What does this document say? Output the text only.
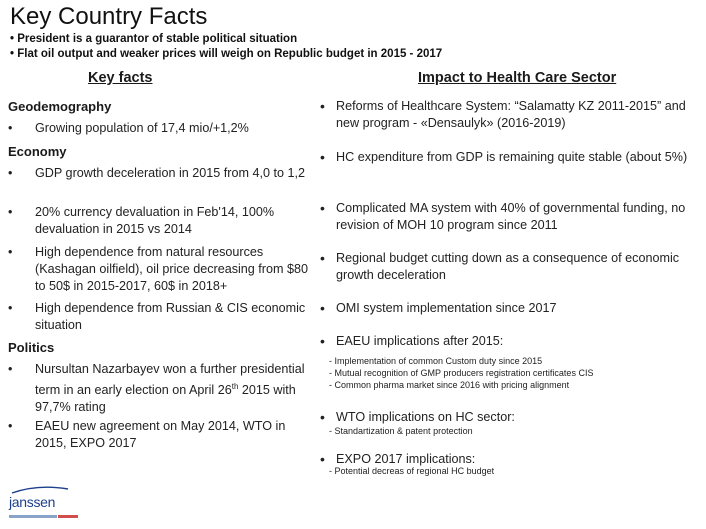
Key Country Facts
• President is a guarantor of stable political situation
• Flat oil output and weaker prices will weigh on Republic budget in 2015 - 2017
Key facts	Impact to Health Care Sector
Geodemography
• Growing population of 17,4 mio/+1,2%
Economy
• GDP growth deceleration in 2015 from 4,0 to 1,2
• 20% currency devaluation in Feb'14, 100% devaluation in 2015 vs 2014
• High dependence from natural resources (Kashagan oilfield), oil price decreasing from $80 to 50$ in 2015-2017, 60$ in 2018+
• High dependence from Russian & CIS economic situation
Politics
• Nursultan Nazarbayev won a further presidential term in an early election on April 26th 2015 with 97,7% rating
• EAEU new agreement on May 2014, WTO in 2015, EXPO 2017
• Reforms of Healthcare System: “Salamatty KZ 2011-2015” and new program - «Densaulyk» (2016-2019)
• HC expenditure from GDP is remaining quite stable (about 5%)
• Complicated MA system with 40% of governmental funding, no revision of MOH 10 program since 2011
• Regional budget cutting down as a consequence of economic growth deceleration
• OMI system implementation since 2017
• EAEU implications after 2015:
- Implementation of common Custom duty since 2015
- Mutual recognition of GMP producers registration certificates CIS
- Common pharma market since 2016 with pricing alignment
• WTO implications on HC sector:
- Standartization & patent protection
• EXPO 2017 implications:
- Potential decreas of regional HC budget
janssen
